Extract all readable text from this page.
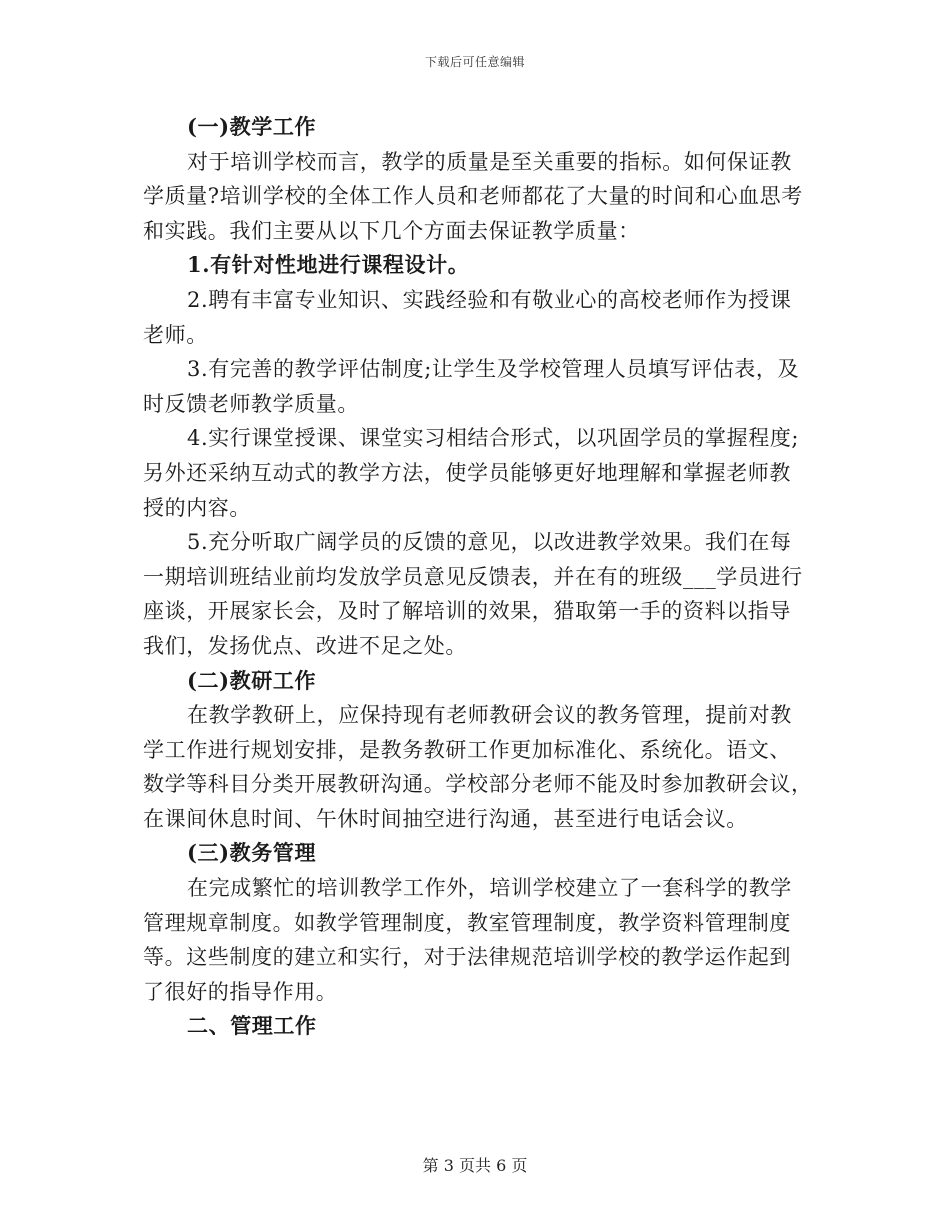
下载后可任意编辑
(一)教学工作
对于培训学校而言，教学的质量是至关重要的指标。如何保证教
学质量?培训学校的全体工作人员和老师都花了大量的时间和心血思考
和实践。我们主要从以下几个方面去保证教学质量：
1.有针对性地进行课程设计。
2.聘有丰富专业知识、实践经验和有敬业心的高校老师作为授课
老师。
3.有完善的教学评估制度;让学生及学校管理人员填写评估表，及
时反馈老师教学质量。
4.实行课堂授课、课堂实习相结合形式，以巩固学员的掌握程度;
另外还采纳互动式的教学方法，使学员能够更好地理解和掌握老师教
授的内容。
5.充分听取广阔学员的反馈的意见，以改进教学效果。我们在每
一期培训班结业前均发放学员意见反馈表，并在有的班级___学员进行
座谈，开展家长会，及时了解培训的效果，猎取第一手的资料以指导
我们，发扬优点、改进不足之处。
(二)教研工作
在教学教研上，应保持现有老师教研会议的教务管理，提前对教
学工作进行规划安排，是教务教研工作更加标准化、系统化。语文、
数学等科目分类开展教研沟通。学校部分老师不能及时参加教研会议，
在课间休息时间、午休时间抽空进行沟通，甚至进行电话会议。
(三)教务管理
在完成繁忙的培训教学工作外，培训学校建立了一套科学的教学
管理规章制度。如教学管理制度，教室管理制度，教学资料管理制度
等。这些制度的建立和实行，对于法律规范培训学校的教学运作起到
了很好的指导作用。
二、管理工作
第 3 页共 6 页
